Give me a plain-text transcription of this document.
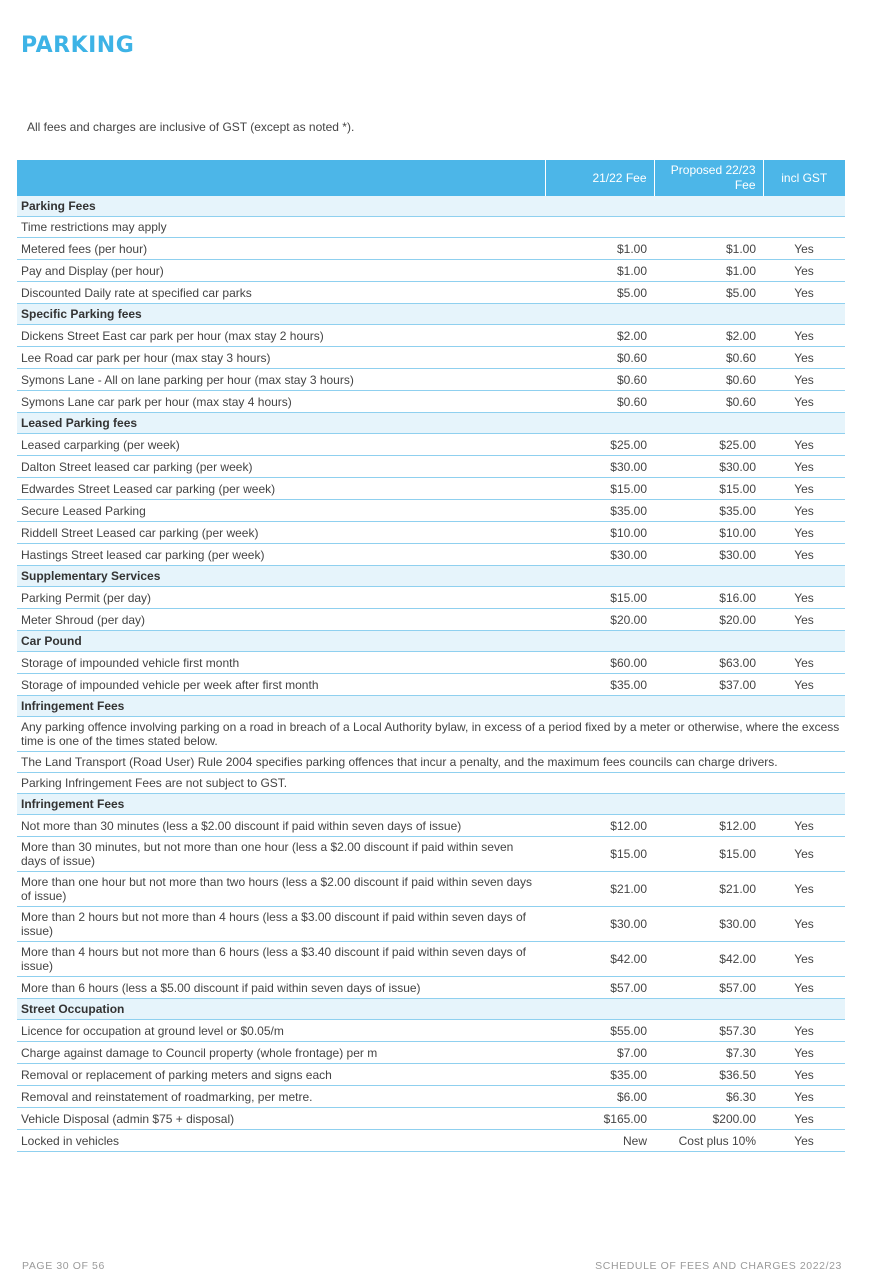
PARKING
All fees and charges are inclusive of GST (except as noted *).
	21/22 Fee	Proposed 22/23 Fee	incl GST
Parking Fees			
Time restrictions may apply			
Metered fees (per hour)	$1.00	$1.00	Yes
Pay and Display (per hour)	$1.00	$1.00	Yes
Discounted Daily rate at specified car parks	$5.00	$5.00	Yes
Specific Parking fees			
Dickens Street East car park per hour (max stay 2 hours)	$2.00	$2.00	Yes
Lee Road car park per hour (max stay 3 hours)	$0.60	$0.60	Yes
Symons Lane - All on lane parking per hour (max stay 3 hours)	$0.60	$0.60	Yes
Symons Lane car park per hour (max stay 4 hours)	$0.60	$0.60	Yes
Leased Parking fees			
Leased carparking (per week)	$25.00	$25.00	Yes
Dalton Street leased car parking (per week)	$30.00	$30.00	Yes
Edwardes Street Leased car parking (per week)	$15.00	$15.00	Yes
Secure Leased Parking	$35.00	$35.00	Yes
Riddell Street Leased car parking (per week)	$10.00	$10.00	Yes
Hastings Street leased car parking (per week)	$30.00	$30.00	Yes
Supplementary Services			
Parking Permit (per day)	$15.00	$16.00	Yes
Meter Shroud (per day)	$20.00	$20.00	Yes
Car Pound			
Storage of impounded vehicle first month	$60.00	$63.00	Yes
Storage of impounded vehicle per week after first month	$35.00	$37.00	Yes
Infringement Fees			
Any parking offence involving parking on a road in breach of a Local Authority bylaw, in excess of a period fixed by a meter or otherwise, where the excess time is one of the times stated below.			
The Land Transport (Road User) Rule 2004 specifies parking offences that incur a penalty, and the maximum fees councils can charge drivers.			
Parking Infringement Fees are not subject to GST.			
Infringement Fees			
Not more than 30 minutes (less a $2.00 discount if paid within seven days of issue)	$12.00	$12.00	Yes
More than 30 minutes, but not more than one hour (less a $2.00 discount if paid within seven days of issue)	$15.00	$15.00	Yes
More than one hour but not more than two hours (less a $2.00 discount if paid within seven days of issue)	$21.00	$21.00	Yes
More than 2 hours but not more than 4 hours (less a $3.00 discount if paid within seven days of issue)	$30.00	$30.00	Yes
More than 4 hours but not more than 6 hours (less a $3.40 discount if paid within seven days of issue)	$42.00	$42.00	Yes
More than 6 hours (less a $5.00 discount if paid within seven days of issue)	$57.00	$57.00	Yes
Street Occupation			
Licence for occupation at ground level or $0.05/m	$55.00	$57.30	Yes
Charge against damage to Council property (whole frontage) per m	$7.00	$7.30	Yes
Removal or replacement of parking meters and signs each	$35.00	$36.50	Yes
Removal and reinstatement of roadmarking, per metre.	$6.00	$6.30	Yes
Vehicle Disposal (admin $75 + disposal)	$165.00	$200.00	Yes
Locked in vehicles	New	Cost plus 10%	Yes
PAGE 30 OF 56	SCHEDULE OF FEES AND CHARGES 2022/23
